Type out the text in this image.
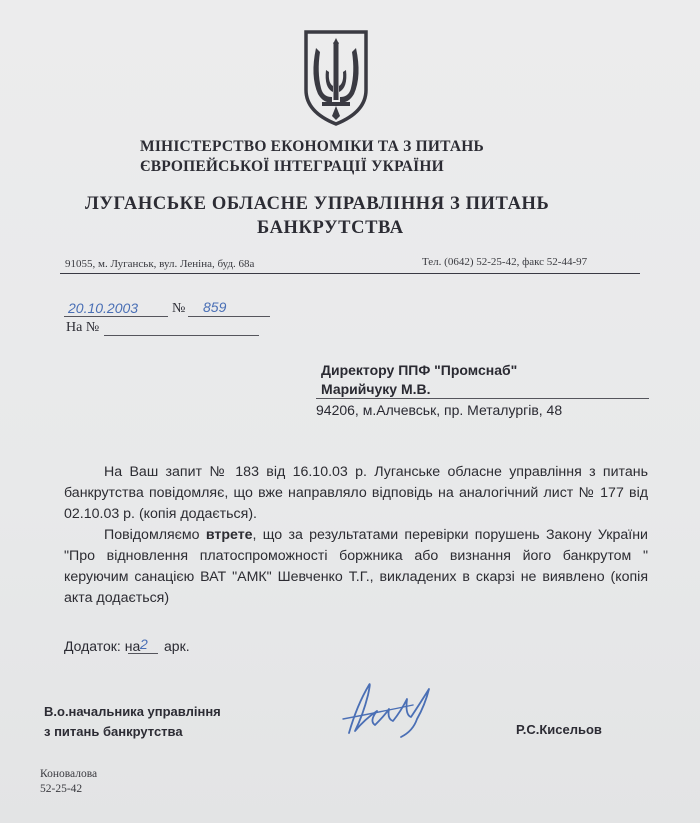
МІНІСТЕРСТВО ЕКОНОМІКИ ТА З ПИТАНЬ
ЄВРОПЕЙСЬКОЇ ІНТЕГРАЦІЇ УКРАЇНИ
ЛУГАНСЬКЕ ОБЛАСНЕ УПРАВЛІННЯ З ПИТАНЬ
БАНКРУТСТВА
91055, м. Луганськ, вул. Леніна, буд. 68а	Тел. (0642) 52-25-42, факс 52-44-97
20.10.2003 № 859
На №
Директору ППФ "Промснаб"
Марийчуку М.В.
94206, м.Алчевськ, пр. Металургів, 48

На Ваш запит № 183 від 16.10.03 р. Луганське обласне управління з питань банкрутства повідомляє, що вже направляло відповідь на аналогічний лист № 177 від 02.10.03 р. (копія додається).

Повідомляємо втрете, що за результатами перевірки порушень Закону України "Про відновлення платоспроможності боржника або визнання його банкрутом " керуючим санацією ВАТ "АМК" Шевченко Т.Г., викладених в скарзі не виявлено (копія акта додається)

Додаток: на 2 арк.
В.о.начальника управління
з питань банкрутства	Р.С.Кисельов
Коновалова
52-25-42
